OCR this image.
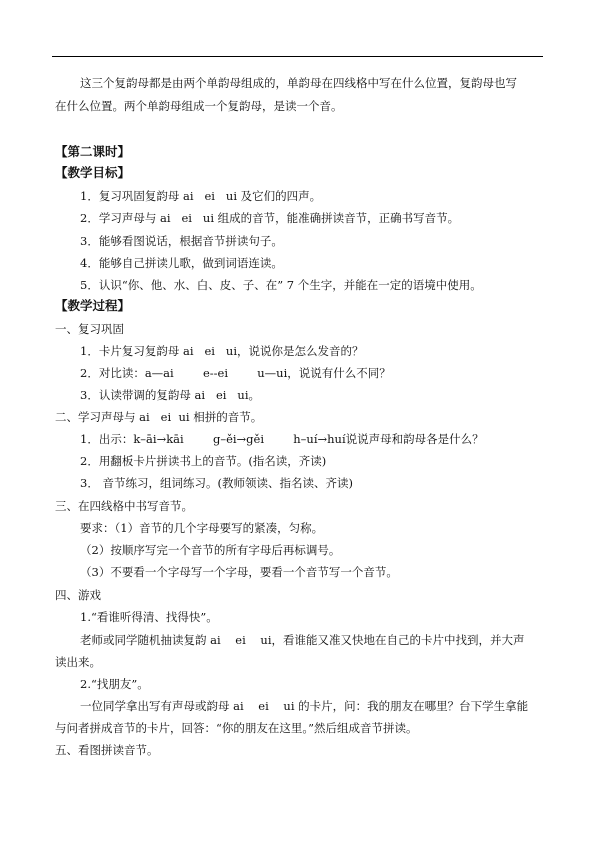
这三个复韵母都是由两个单韵母组成的，单韵母在四线格中写在什么位置，复韵母也写
在什么位置。两个单韵母组成一个复韵母，是读一个音。
【第二课时】
【教学目标】
1．复习巩固复韵母 ai   ei   ui 及它们的四声。
2．学习声母与 ai   ei   ui 组成的音节，能准确拼读音节，正确书写音节。
3．能够看图说话，根据音节拼读句子。
4．能够自己拼读儿歌，做到词语连读。
5．认识“你、他、水、白、皮、子、在” 7 个生字，并能在一定的语境中使用。
【教学过程】
一、复习巩固
1．卡片复习复韵母 ai   ei   ui，说说你是怎么发音的？
2．对比读：a—ai        e--ei        u—ui，说说有什么不同？
3．认读带调的复韵母 ai   ei   ui。
二、学习声母与 ai   ei  ui 相拼的音节。
1．出示：k–āi→kāi        g–ěi→gěi        h–uí→huí说说声母和韵母各是什么？
2．用翻板卡片拼读书上的音节。(指名读，齐读)
3． 音节练习，组词练习。(教师领读、指名读、齐读)
三、在四线格中书写音节。
要求：（1）音节的几个字母要写的紧凑，匀称。
（2）按顺序写完一个音节的所有字母后再标调号。
（3）不要看一个字母写一个字母，要看一个音节写一个音节。
四、游戏
1.“看谁听得清、找得快”。
老师或同学随机抽读复韵 ai    ei    ui，看谁能又准又快地在自己的卡片中找到，并大声
读出来。
2.“找朋友”。
一位同学拿出写有声母或韵母 ai    ei    ui 的卡片，问：我的朋友在哪里？台下学生拿能
与问者拼成音节的卡片，回答：“你的朋友在这里。”然后组成音节拼读。
五、看图拼读音节。
